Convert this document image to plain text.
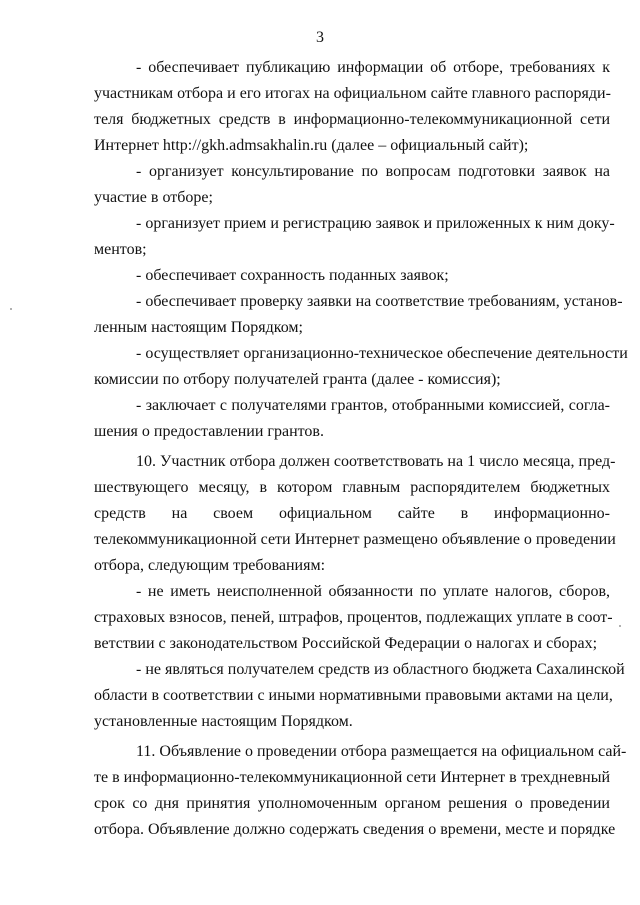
3
- обеспечивает публикацию информации об отборе, требованиях к
участникам отбора и его итогах на официальном сайте главного распоряди-
теля бюджетных средств в информационно-телекоммуникационной сети
Интернет http://gkh.admsakhalin.ru (далее – официальный сайт);
- организует консультирование по вопросам подготовки заявок на
участие в отборе;
- организует прием и регистрацию заявок и приложенных к ним доку-
ментов;
- обеспечивает сохранность поданных заявок;
- обеспечивает проверку заявки на соответствие требованиям, установ-
ленным настоящим Порядком;
- осуществляет организационно-техническое обеспечение деятельности
комиссии по отбору получателей гранта (далее - комиссия);
- заключает с получателями грантов, отобранными комиссией, согла-
шения о предоставлении грантов.
10. Участник отбора должен соответствовать на 1 число месяца, пред-
шествующего месяцу, в котором главным распорядителем бюджетных
средств на своем официальном сайте в информационно-
телекоммуникационной сети Интернет размещено объявление о проведении
отбора, следующим требованиям:
- не иметь неисполненной обязанности по уплате налогов, сборов,
страховых взносов, пеней, штрафов, процентов, подлежащих уплате в соот-
ветствии с законодательством Российской Федерации о налогах и сборах;
- не являться получателем средств из областного бюджета Сахалинской
области в соответствии с иными нормативными правовыми актами на цели,
установленные настоящим Порядком.
11. Объявление о проведении отбора размещается на официальном сай-
те в информационно-телекоммуникационной сети Интернет в трехдневный
срок со дня принятия уполномоченным органом решения о проведении
отбора. Объявление должно содержать сведения о времени, месте и порядке
